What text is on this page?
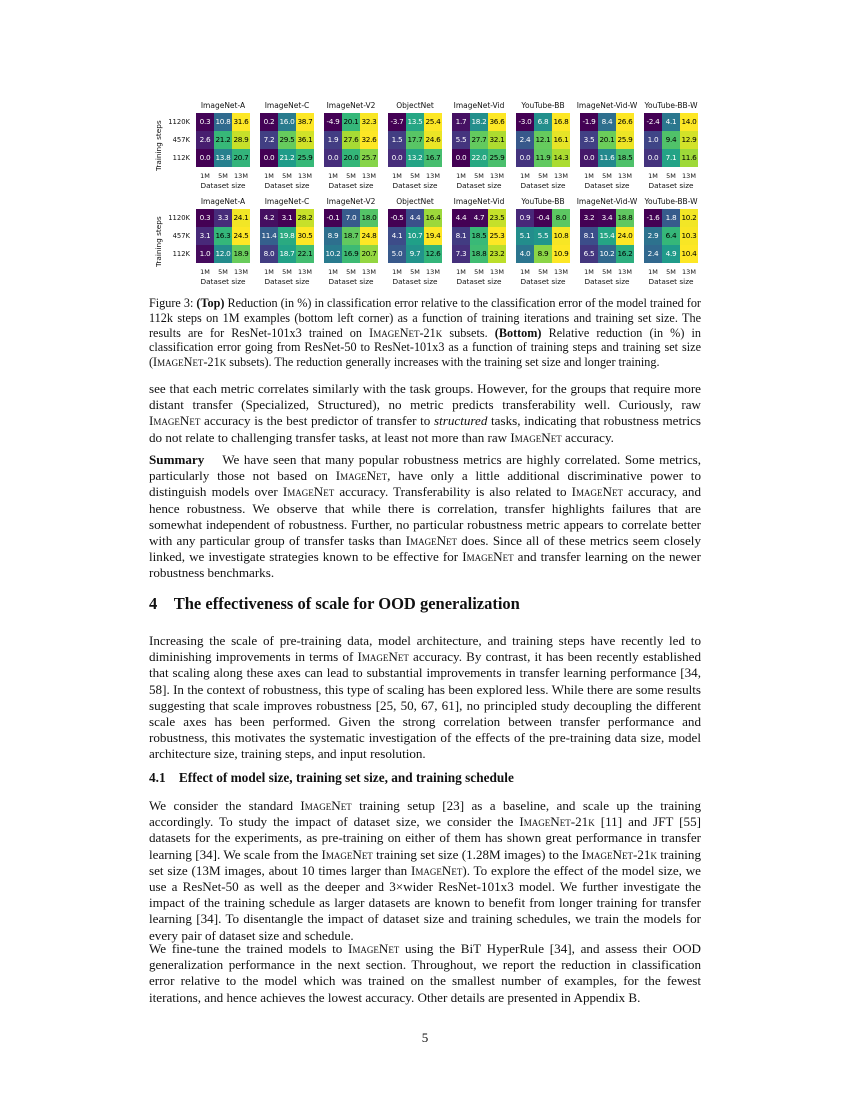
1120K
457K
112K
Training steps
ImageNet-A
0.3 10.8 31.6
2.6 21.2 28.9
0.0 13.8 20.7
1M	5M 13M
Dataset size
ImageNet-C
0.2 16.0 38.7
7.2 29.5 36.1
0.0 21.2 25.9
1M	5M 13M
Dataset size
ImageNet-V2
-4.9 20.1 32.3
1.9 27.6 32.6
0.0 20.0 25.7
1M	5M 13M
Dataset size
ObjectNet
-3.7 13.5 25.4
1.5 17.7 24.6
0.0 13.2 16.7
1M	5M 13M
Dataset size
ImageNet-Vid
1.7 18.2 36.6
5.5 27.7 32.1
0.0 22.0 25.9
1M	5M 13M
Dataset size
YouTube-BB
-3.0 6.8 16.8
2.4 12.1 16.1
0.0 11.9 14.3
1M	5M 13M
Dataset size
ImageNet-Vid-W
-1.9 8.4 26.6
3.5 20.1 25.9
0.0 11.6 18.5
1M	5M 13M
Dataset size
YouTube-BB-W
-2.4 4.1 14.0
1.0 9.4 12.9
0.0 7.1 11.6
1M	5M 13M
Dataset size
1120K
457K
112K
Training steps
ImageNet-A
0.3 3.3 24.1
3.1 16.3 24.5
1.0 12.0 18.9
1M	5M 13M
Dataset size
ImageNet-C
4.2 3.1 28.2
11.4 19.8 30.5
8.0 18.7 22.1
1M	5M 13M
Dataset size
ImageNet-V2
-0.1 7.0 18.0
8.9 18.7 24.8
10.2 16.9 20.7
1M	5M 13M
Dataset size
ObjectNet
-0.5 4.4 16.4
4.1 10.7 19.4
5.0 9.7 12.6
1M	5M 13M
Dataset size
ImageNet-Vid
4.4 4.7 23.5
8.1 18.5 25.3
7.3 18.8 23.2
1M	5M 13M
Dataset size
YouTube-BB
0.9 -0.4 8.0
5.1 5.5 10.8
4.0 8.9 10.9
1M	5M 13M
Dataset size
ImageNet-Vid-W
3.2 3.4 18.8
8.1 15.4 24.0
6.5 10.2 16.2
1M	5M 13M
Dataset size
YouTube-BB-W
-1.6 1.8 10.2
2.9 6.4 10.3
2.4 4.9 10.4
1M	5M 13M
Dataset size
Figure 3: (Top) Reduction (in %) in classification error relative to the classification error of the model trained for 112k steps on 1M examples (bottom left corner) as a function of training iterations and training set size. The results are for ResNet-101x3 trained on ImageNet-21k subsets. (Bottom) Relative reduction (in %) in classification error going from ResNet-50 to ResNet-101x3 as a function of training steps and training set size (ImageNet-21k subsets). The reduction generally increases with the training set size and longer training.
see that each metric correlates similarly with the task groups. However, for the groups that require more distant transfer (Specialized, Structured), no metric predicts transferability well. Curiously, raw ImageNet accuracy is the best predictor of transfer to structured tasks, indicating that robustness metrics do not relate to challenging transfer tasks, at least not more than raw ImageNet accuracy.
Summary    We have seen that many popular robustness metrics are highly correlated. Some metrics, particularly those not based on ImageNet, have only a little additional discriminative power to distinguish models over ImageNet accuracy. Transferability is also related to ImageNet accuracy, and hence robustness. We observe that while there is correlation, transfer highlights failures that are somewhat independent of robustness. Further, no particular robustness metric appears to correlate better with any particular group of transfer tasks than ImageNet does. Since all of these metrics seem closely linked, we investigate strategies known to be effective for ImageNet and transfer learning on the newer robustness benchmarks.
4    The effectiveness of scale for OOD generalization
Increasing the scale of pre-training data, model architecture, and training steps have recently led to diminishing improvements in terms of ImageNet accuracy. By contrast, it has been recently established that scaling along these axes can lead to substantial improvements in transfer learning performance [34, 58]. In the context of robustness, this type of scaling has been explored less. While there are some results suggesting that scale improves robustness [25, 50, 67, 61], no principled study decoupling the different scale axes has been performed. Given the strong correlation between transfer performance and robustness, this motivates the systematic investigation of the effects of the pre-training data size, model architecture size, training steps, and input resolution.
4.1    Effect of model size, training set size, and training schedule
We consider the standard ImageNet training setup [23] as a baseline, and scale up the training accordingly. To study the impact of dataset size, we consider the ImageNet-21k [11] and JFT [55] datasets for the experiments, as pre-training on either of them has shown great performance in transfer learning [34]. We scale from the ImageNet training set size (1.28M images) to the ImageNet-21k training set size (13M images, about 10 times larger than ImageNet). To explore the effect of the model size, we use a ResNet-50 as well as the deeper and 3×wider ResNet-101x3 model. We further investigate the impact of the training schedule as larger datasets are known to benefit from longer training for transfer learning [34]. To disentangle the impact of dataset size and training schedules, we train the models for every pair of dataset size and schedule.
We fine-tune the trained models to ImageNet using the BiT HyperRule [34], and assess their OOD generalization performance in the next section. Throughout, we report the reduction in classification error relative to the model which was trained on the smallest number of examples, for the fewest iterations, and hence achieves the lowest accuracy. Other details are presented in Appendix B.
5
